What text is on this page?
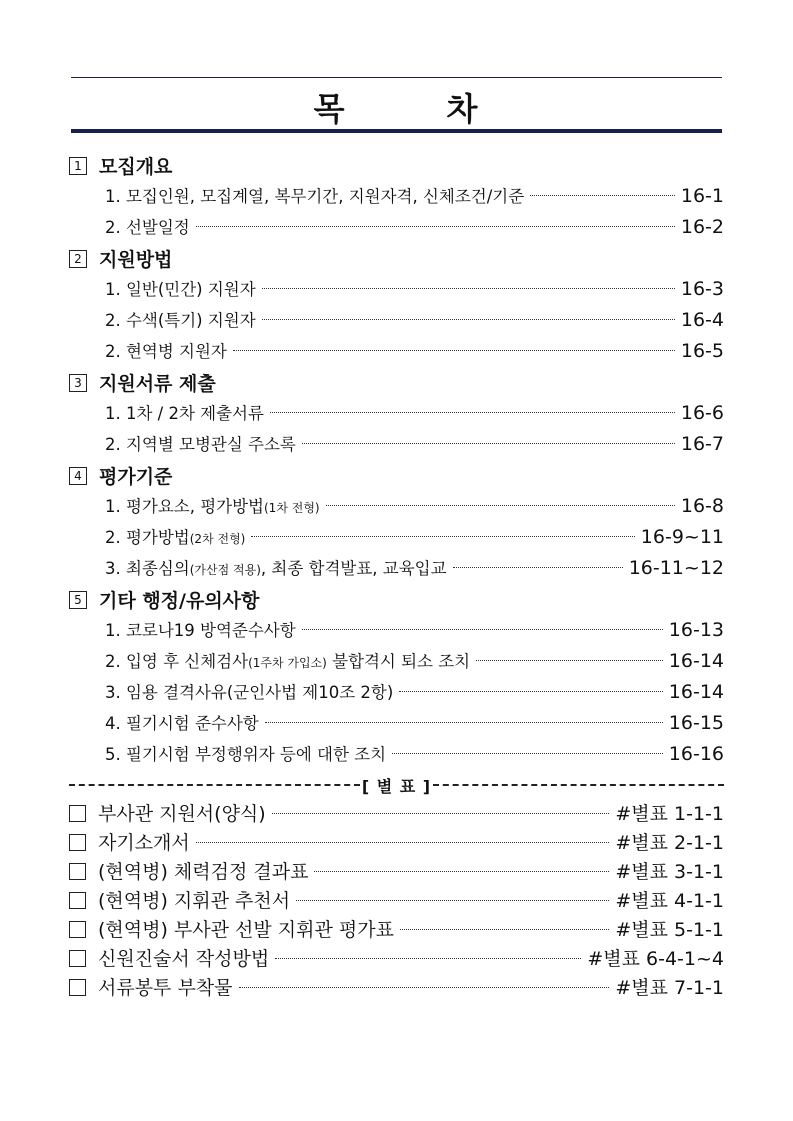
목	차
1 모집개요
1. 모집인원, 모집계열, 복무기간, 지원자격, 신체조건/기준	16-1
2. 선발일정	16-2
2 지원방법
1. 일반(민간) 지원자	16-3
2. 수색(특기) 지원자	16-4
2. 현역병 지원자	16-5
3 지원서류 제출
1. 1차 / 2차 제출서류	16-6
2. 지역별 모병관실 주소록	16-7
4 평가기준
1. 평가요소, 평가방법(1차 전형)	16-8
2. 평가방법(2차 전형)	16-9~11
3. 최종심의(가산점 적용), 최종 합격발표, 교육입교	16-11~12
5 기타 행정/유의사항
1. 코로나19 방역준수사항	16-13
2. 입영 후 신체검사(1주차 가입소) 불합격시 퇴소 조치	16-14
3. 임용 결격사유(군인사법 제10조 2항)	16-14
4. 필기시험 준수사항	16-15
5. 필기시험 부정행위자 등에 대한 조치	16-16
[ 별 표 ]
부사관 지원서(양식)	#별표 1-1-1
자기소개서	#별표 2-1-1
(현역병) 체력검정 결과표	#별표 3-1-1
(현역병) 지휘관 추천서	#별표 4-1-1
(현역병) 부사관 선발 지휘관 평가표	#별표 5-1-1
신원진술서 작성방법	#별표 6-4-1~4
서류봉투 부착물	#별표 7-1-1
